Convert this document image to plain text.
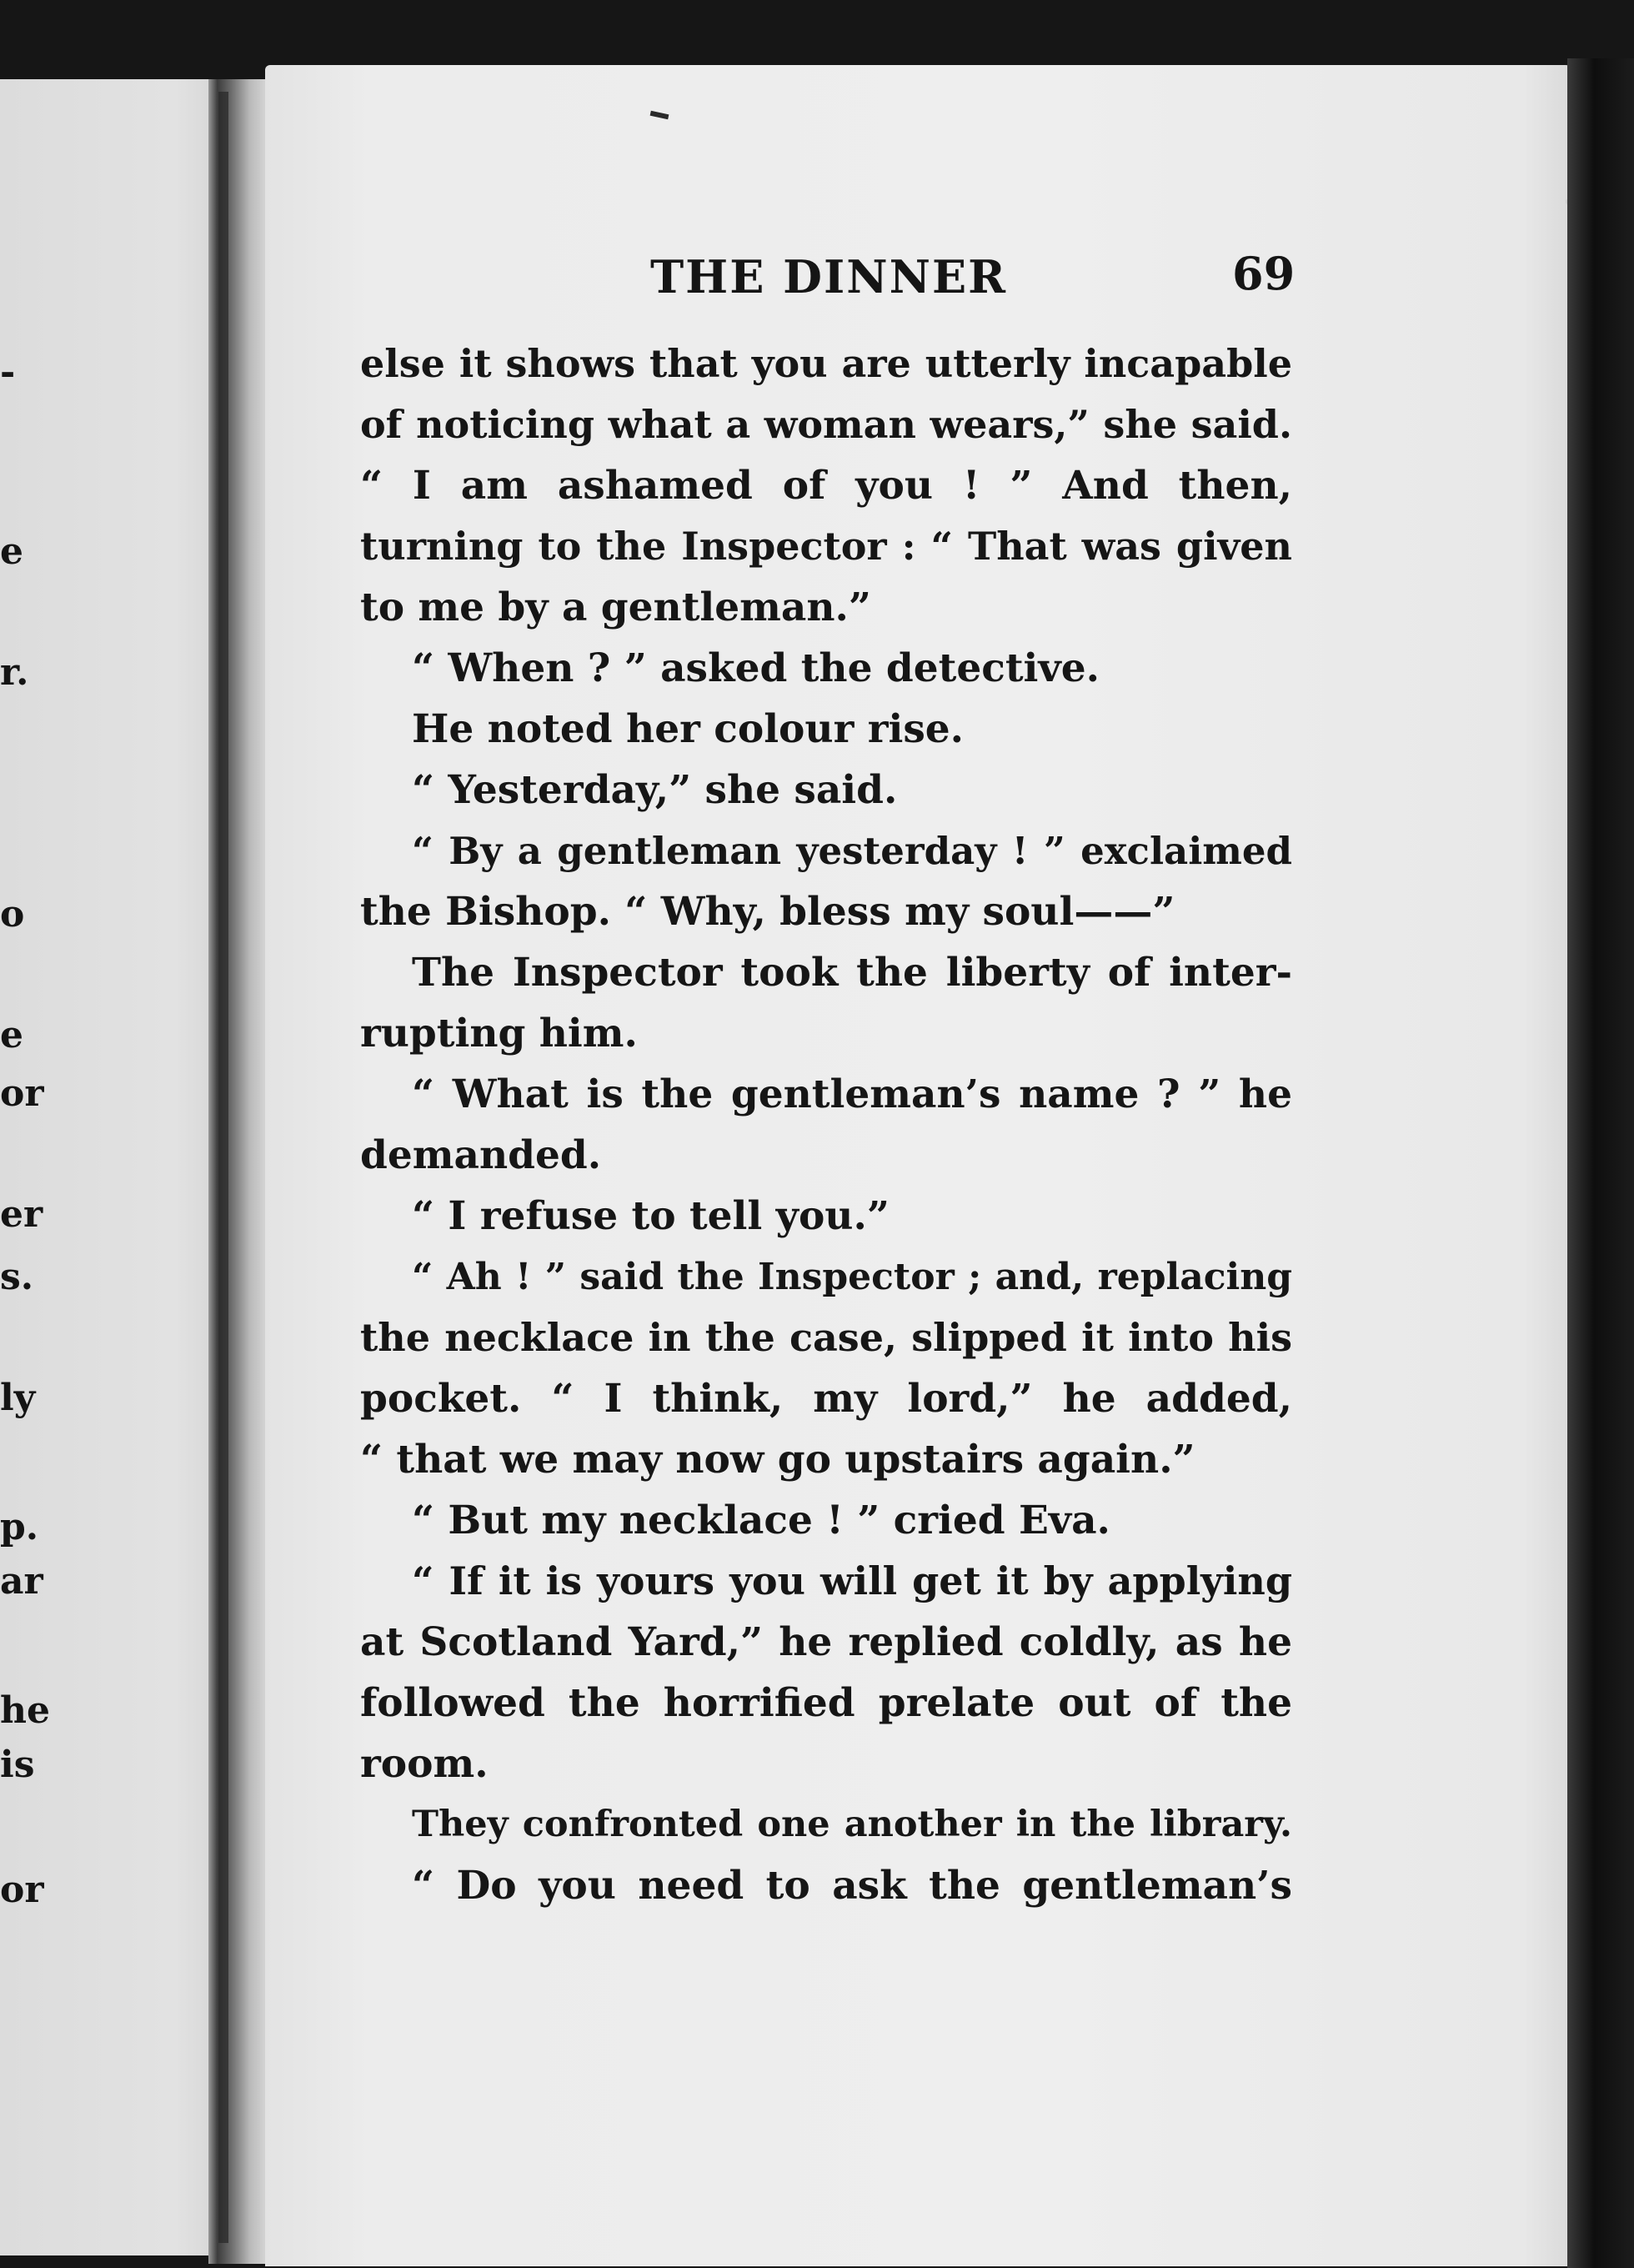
-
e
r.
o
e
or
er
s.
ly
p.
ar
he
is
or
THE DINNER	69
else it shows that you are utterly incapable
of noticing what a woman wears,” she said.
“ I am ashamed of you ! ” And then,
turning to the Inspector : “ That was given
to me by a gentleman.”
“ When ? ” asked the detective.
He noted her colour rise.
“ Yesterday,” she said.
“ By a gentleman yesterday ! ” exclaimed
the Bishop. “ Why, bless my soul——”
The Inspector took the liberty of inter-
rupting him.
“ What is the gentleman’s name ? ” he
demanded.
“ I refuse to tell you.”
“ Ah ! ” said the Inspector ; and, replacing
the necklace in the case, slipped it into his
pocket. “ I think, my lord,” he added,
“ that we may now go upstairs again.”
“ But my necklace ! ” cried Eva.
“ If it is yours you will get it by applying
at Scotland Yard,” he replied coldly, as he
followed the horrified prelate out of the
room.
They confronted one another in the library.
“ Do you need to ask the gentleman’s
